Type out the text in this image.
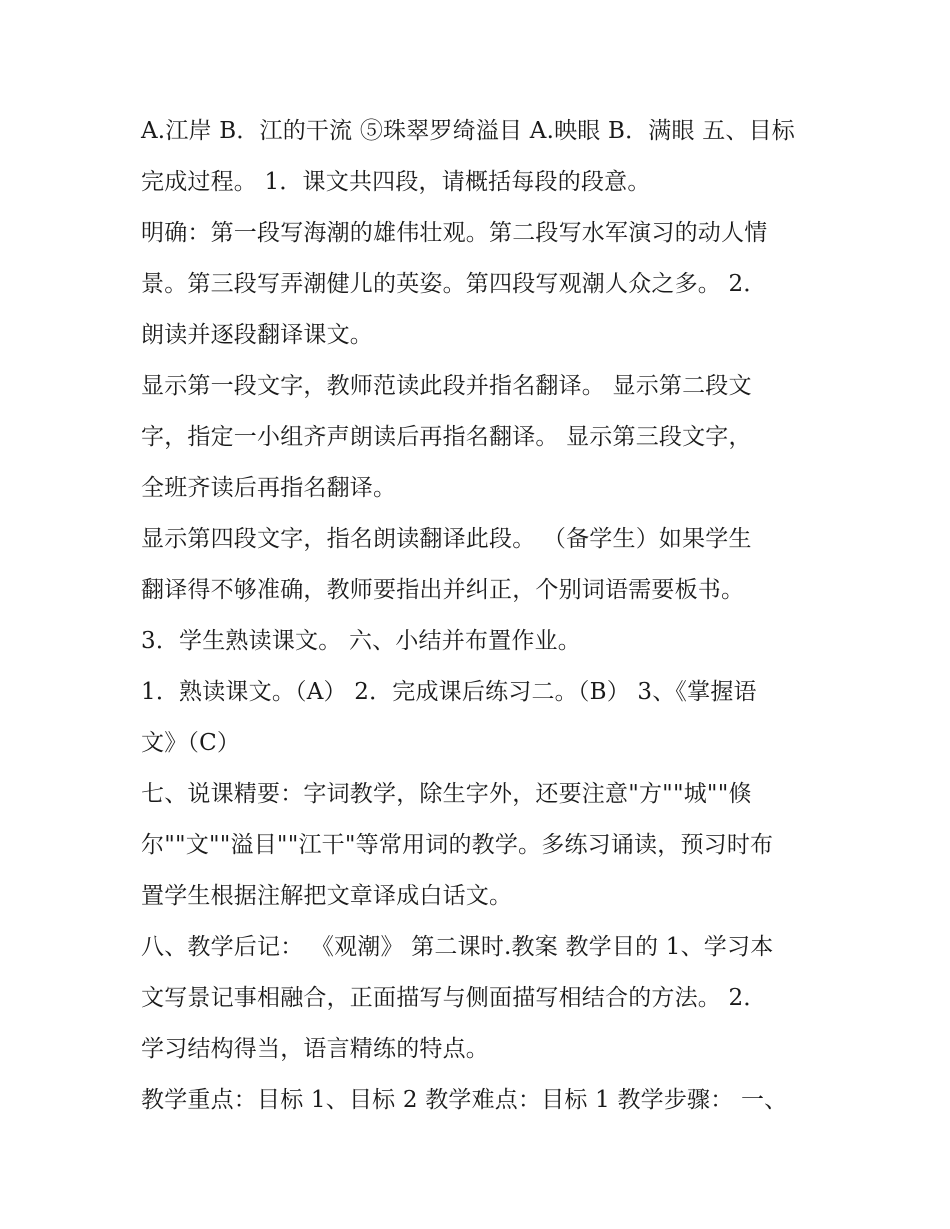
A.江岸 B．江的干流 ⑤珠翠罗绮溢目 A.映眼 B．满眼 五、目标
完成过程。 1．课文共四段，请概括每段的段意。
明确：第一段写海潮的雄伟壮观。第二段写水军演习的动人情
景。第三段写弄潮健儿的英姿。第四段写观潮人众之多。 2．
朗读并逐段翻译课文。
显示第一段文字，教师范读此段并指名翻译。 显示第二段文
字，指定一小组齐声朗读后再指名翻译。 显示第三段文字，
全班齐读后再指名翻译。
显示第四段文字，指名朗读翻译此段。 （备学生）如果学生
翻译得不够准确，教师要指出并纠正，个别词语需要板书。
3．学生熟读课文。 六、小结并布置作业。
1．熟读课文。（A） 2．完成课后练习二。（B） 3、《掌握语
文》（C）
七、说课精要：字词教学，除生字外，还要注意"方""城""倏
尔""文""溢目""江干"等常用词的教学。多练习诵读，预习时布
置学生根据注解把文章译成白话文。
八、教学后记： 《观潮》 第二课时.教案 教学目的 1、学习本
文写景记事相融合，正面描写与侧面描写相结合的方法。 2．
学习结构得当，语言精练的特点。
教学重点：目标 1、目标 2 教学难点：目标 1 教学步骤： 一、
